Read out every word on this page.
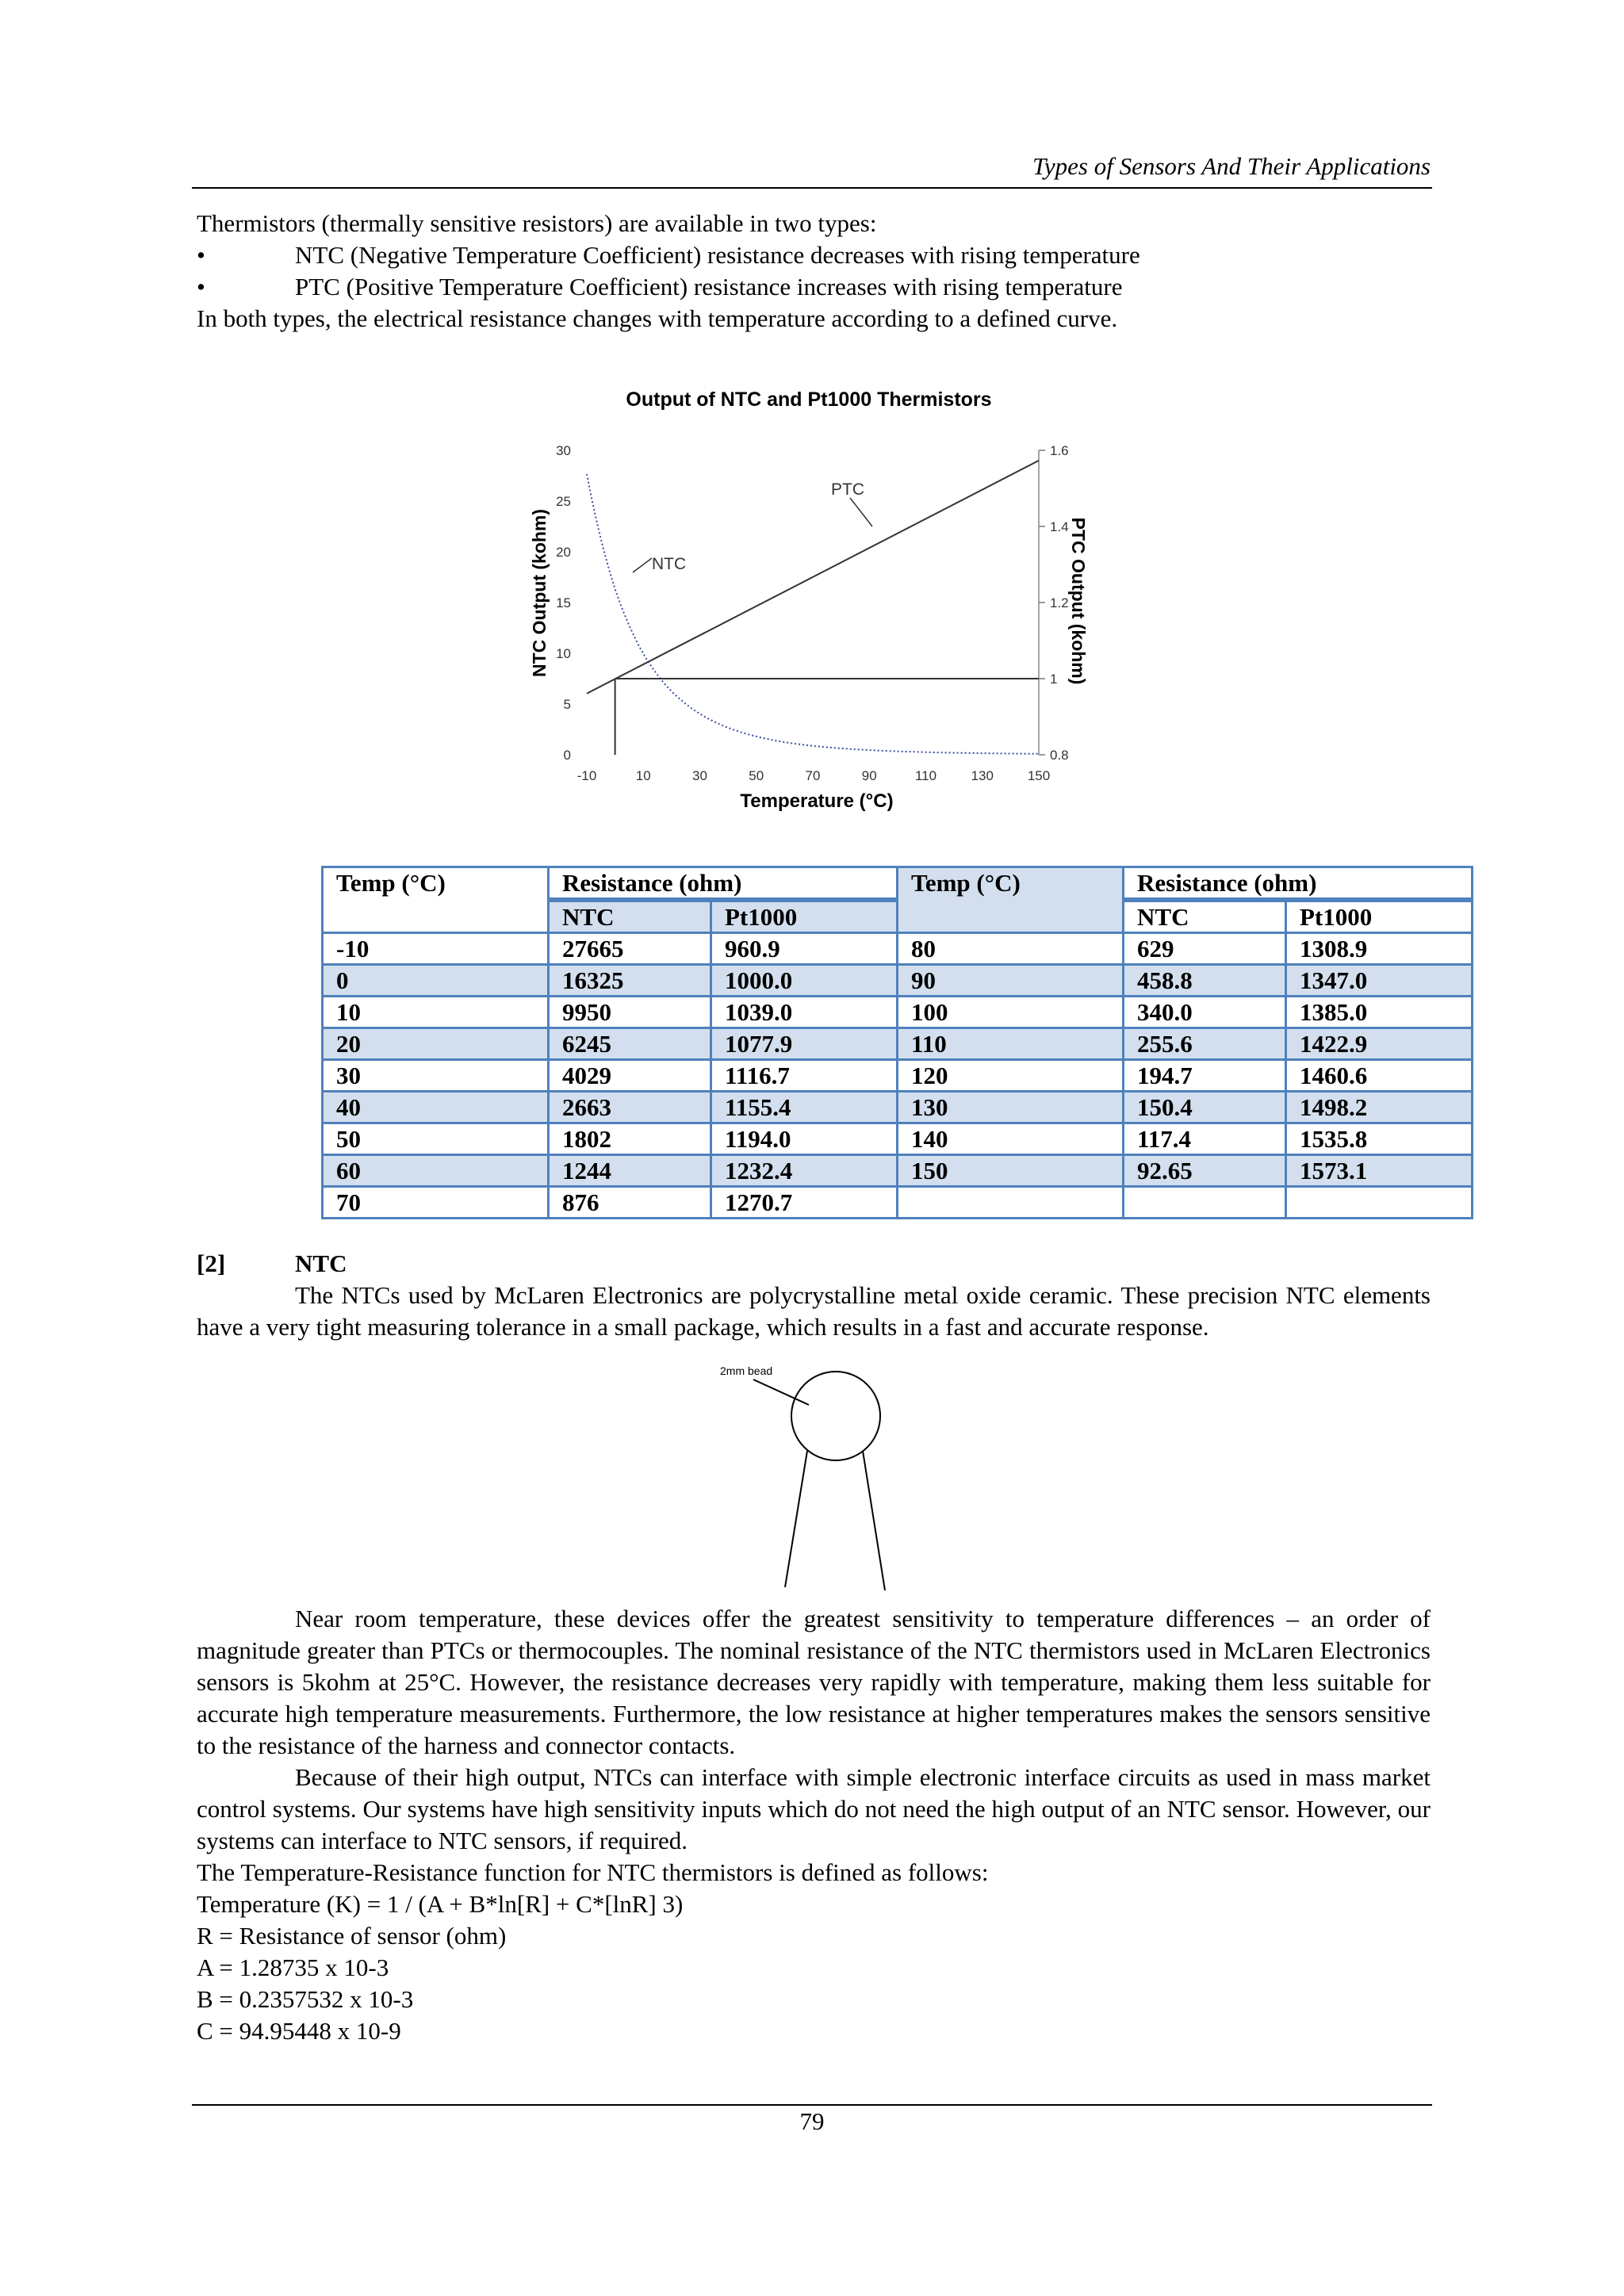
Types of Sensors And Their Applications

Thermistors (thermally sensitive resistors) are available in two types:

•	NTC (Negative Temperature Coefficient) resistance decreases with rising temperature
•	PTC (Positive Temperature Coefficient) resistance increases with rising temperature

In both types, the electrical resistance changes with temperature according to a defined curve.

Output of NTC and Pt1000 Thermistors
Temperature (°C)
NTC Output (kohm)	PTC Output (kohm)
-10	10	30	50	70	90	110	130	150
0
5
10
15
20
25
30
0.8
1
1.2
1.4
1.6
NTC
PTC
Temp (°C)	Resistance (ohm)		Temp (°C)	Resistance (ohm)	
	NTC	Pt1000		NTC	Pt1000
-10	27665	960.9	80	629	1308.9
0	16325	1000.0	90	458.8	1347.0
10	9950	1039.0	100	340.0	1385.0
20	6245	1077.9	110	255.6	1422.9
30	4029	1116.7	120	194.7	1460.6
40	2663	1155.4	130	150.4	1498.2
50	1802	1194.0	140	117.4	1535.8
60	1244	1232.4	150	92.65	1573.1
70	876	1270.7			
[2]	NTC

The NTCs used by McLaren Electronics are polycrystalline metal oxide ceramic. These precision NTC elements have a very tight measuring tolerance in a small package, which results in a fast and accurate response.

2mm bead

Near room temperature, these devices offer the greatest sensitivity to temperature differences – an order of magnitude greater than PTCs or thermocouples. The nominal resistance of the NTC thermistors used in McLaren Electronics sensors is 5kohm at 25°C. However, the resistance decreases very rapidly with temperature, making them less suitable for accurate high temperature measurements. Furthermore, the low resistance at higher temperatures makes the sensors sensitive to the resistance of the harness and connector contacts.

Because of their high output, NTCs can interface with simple electronic interface circuits as used in mass market control systems. Our systems have high sensitivity inputs which do not need the high output of an NTC sensor. However, our systems can interface to NTC sensors, if required.

The Temperature-Resistance function for NTC thermistors is defined as follows:

Temperature (K) = 1 / (A + B*ln[R] + C*[lnR] 3)

R = Resistance of sensor (ohm)

A = 1.28735 x 10-3

B = 0.2357532 x 10-3

C = 94.95448 x 10-9

79
